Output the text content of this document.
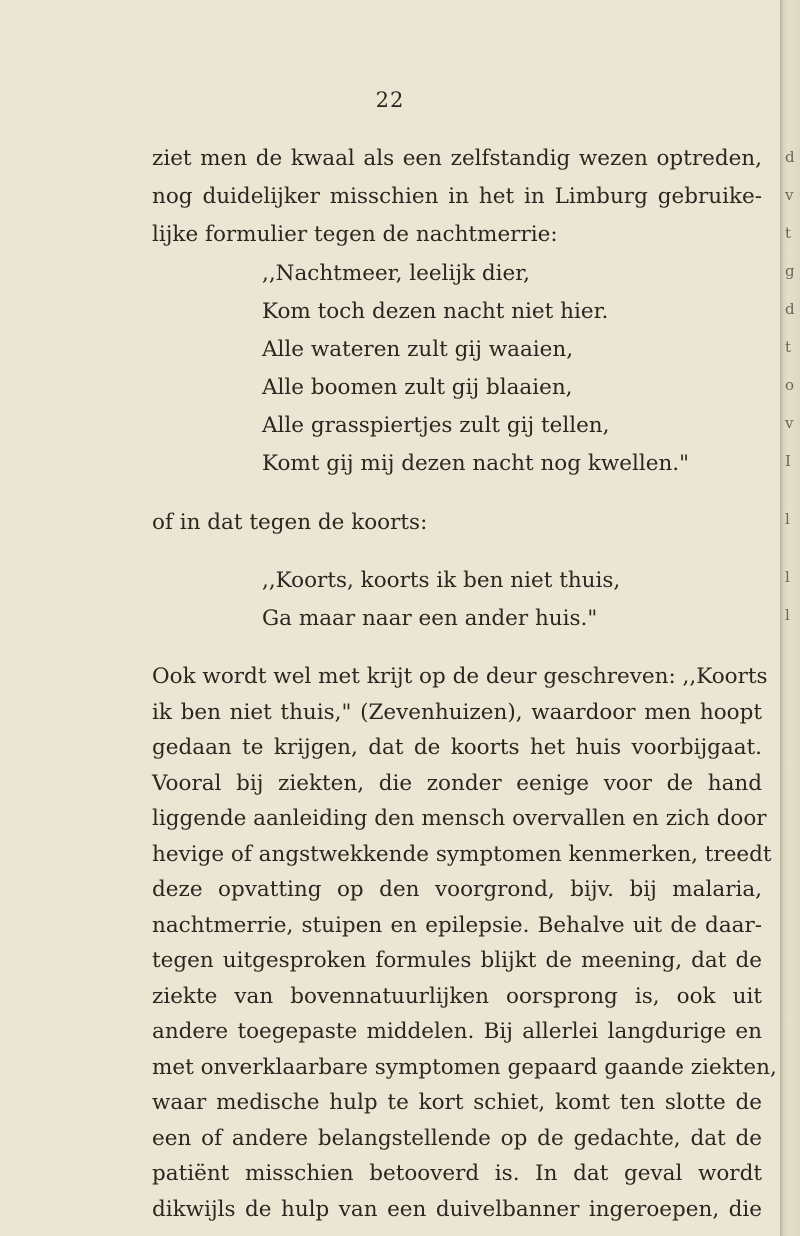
22
ziet men de kwaal als een zelfstandig wezen optreden,
nog duidelijker misschien in het in Limburg gebruike-
lijke formulier tegen de nachtmerrie:
,,Nachtmeer, leelijk dier,
Kom toch dezen nacht niet hier.
Alle wateren zult gij waaien,
Alle boomen zult gij blaaien,
Alle grasspiertjes zult gij tellen,
Komt gij mij dezen nacht nog kwellen."
of in dat tegen de koorts:
,,Koorts, koorts ik ben niet thuis,
Ga maar naar een ander huis."
Ook wordt wel met krijt op de deur geschreven: ,,Koorts
ik ben niet thuis," (Zevenhuizen), waardoor men hoopt
gedaan te krijgen, dat de koorts het huis voorbijgaat.
Vooral bij ziekten, die zonder eenige voor de hand
liggende aanleiding den mensch overvallen en zich door
hevige of angstwekkende symptomen kenmerken, treedt
deze opvatting op den voorgrond, bijv. bij malaria,
nachtmerrie, stuipen en epilepsie. Behalve uit de daar-
tegen uitgesproken formules blijkt de meening, dat de
ziekte van bovennatuurlijken oorsprong is, ook uit
andere toegepaste middelen. Bij allerlei langdurige en
met onverklaarbare symptomen gepaard gaande ziekten,
waar medische hulp te kort schiet, komt ten slotte de
een of andere belangstellende op de gedachte, dat de
patiënt misschien betooverd is. In dat geval wordt
dikwijls de hulp van een duivelbanner ingeroepen, die
d
v
t
g
d
t
o
v
I
l
l
l
